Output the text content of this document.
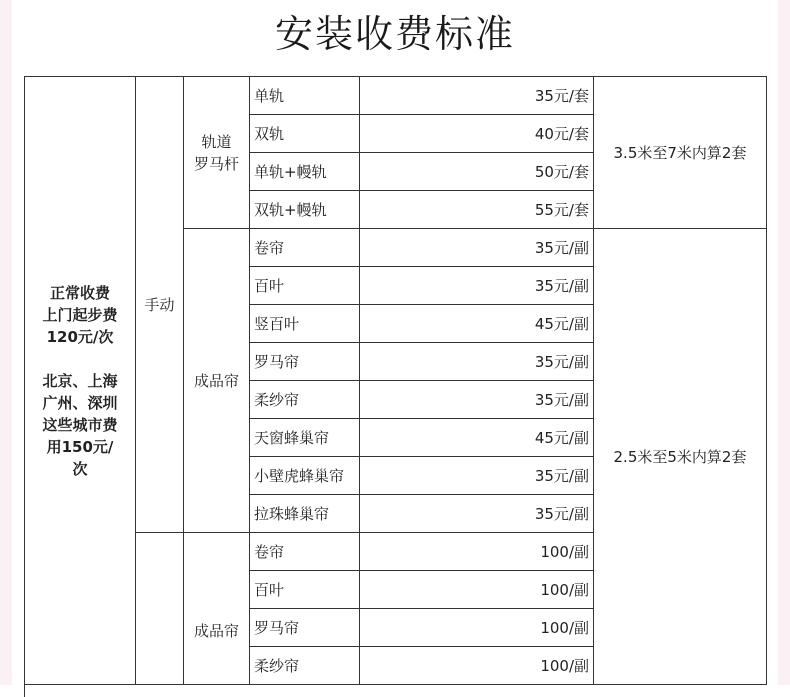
安装收费标准
正常收费
上门起步费
120元/次

北京、上海
广州、深圳
这些城市费
用150元/
次
手动
轨道
罗马杆
成品帘
成品帘
单轨	35元/套
双轨	40元/套
单轨+幔轨	50元/套
双轨+幔轨	55元/套
卷帘	35元/副
百叶	35元/副
竖百叶	45元/副
罗马帘	35元/副
柔纱帘	35元/副
天窗蜂巢帘	45元/副
小壁虎蜂巢帘	35元/副
拉珠蜂巢帘	35元/副
卷帘	100/副
百叶	100/副
罗马帘	100/副
柔纱帘	100/副
3.5米至7米内算2套
2.5米至5米内算2套
